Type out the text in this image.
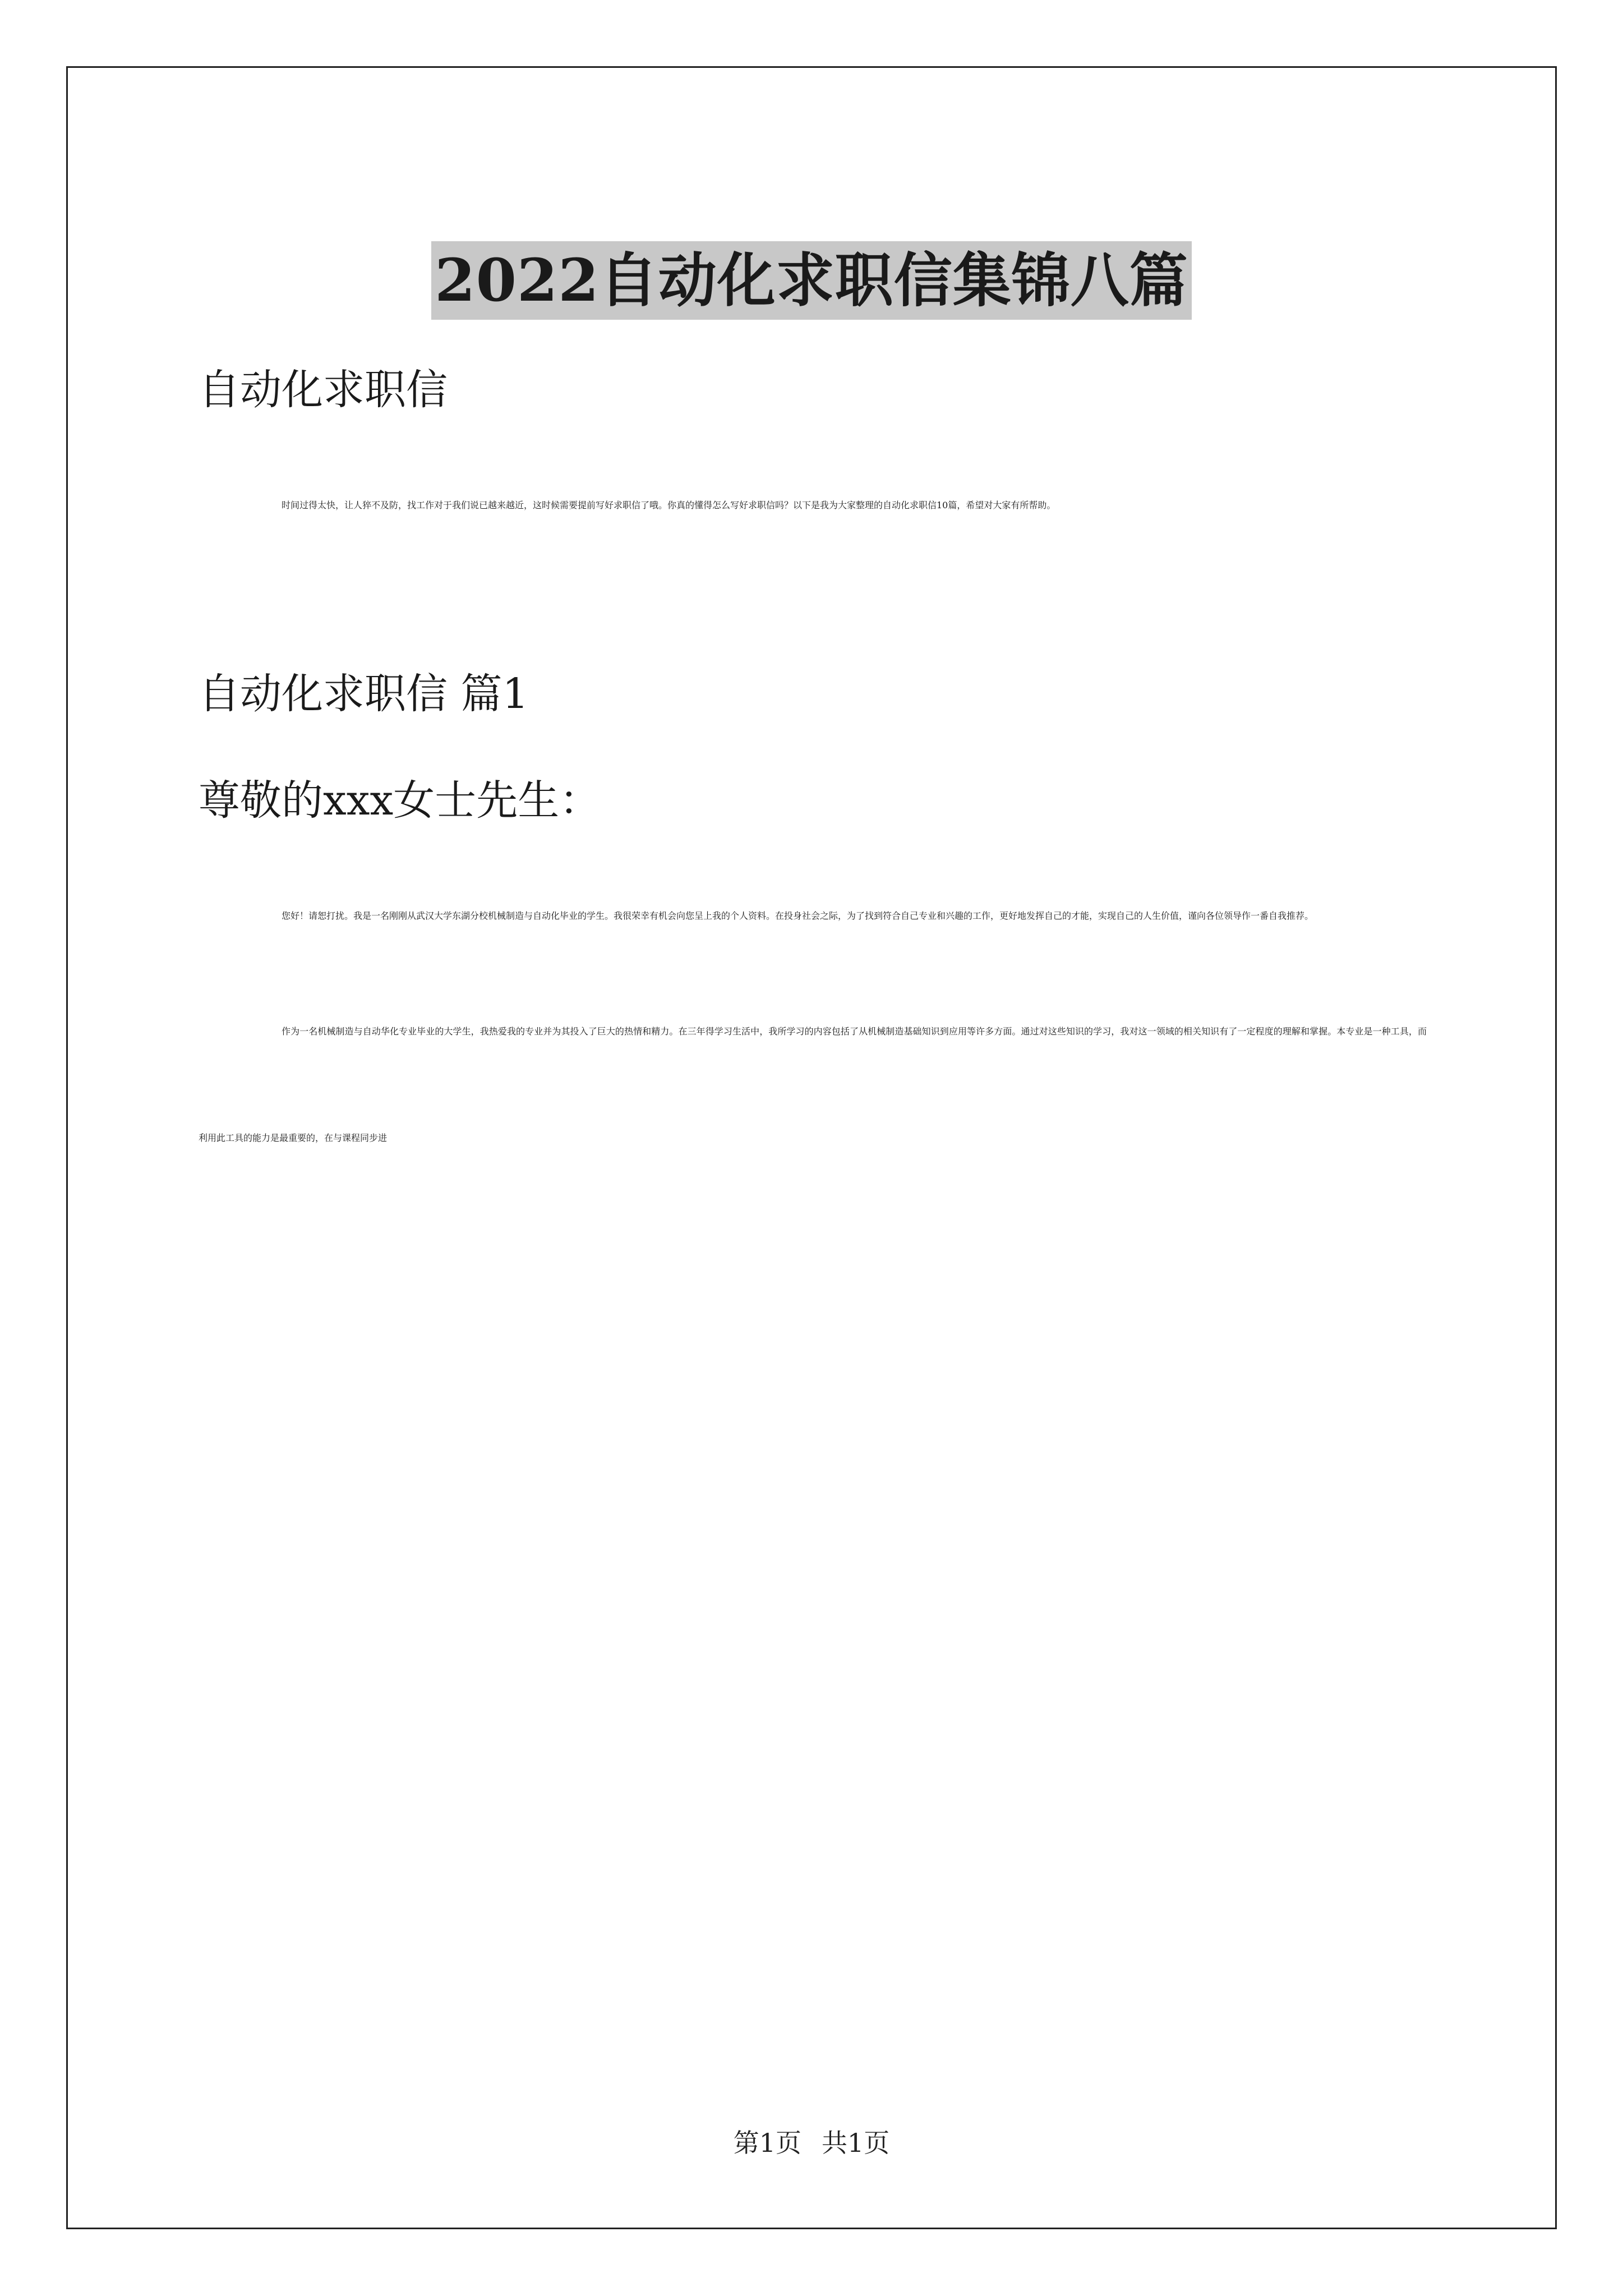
2022自动化求职信集锦八篇

自动化求职信

时间过得太快，让人猝不及防，找工作对于我们说已越来越近，这时候需要提前写好求职信了哦。你真的懂得怎么写好求职信吗？以下是我为大家整理的自动化求职信10篇，希望对大家有所帮助。

自动化求职信 篇1

尊敬的xxx女士先生：

您好！请恕打扰。我是一名刚刚从武汉大学东湖分校机械制造与自动化毕业的学生。我很荣幸有机会向您呈上我的个人资料。在投身社会之际，为了找到符合自己专业和兴趣的工作，更好地发挥自己的才能，实现自己的人生价值，谨向各位领导作一番自我推荐。

作为一名机械制造与自动华化专业毕业的大学生，我热爱我的专业并为其投入了巨大的热情和精力。在三年得学习生活中，我所学习的内容包括了从机械制造基础知识到应用等许多方面。通过对这些知识的学习，我对这一领域的相关知识有了一定程度的理解和掌握。本专业是一种工具，而利用此工具的能力是最重要的，在与课程同步进

第1页 共1页
